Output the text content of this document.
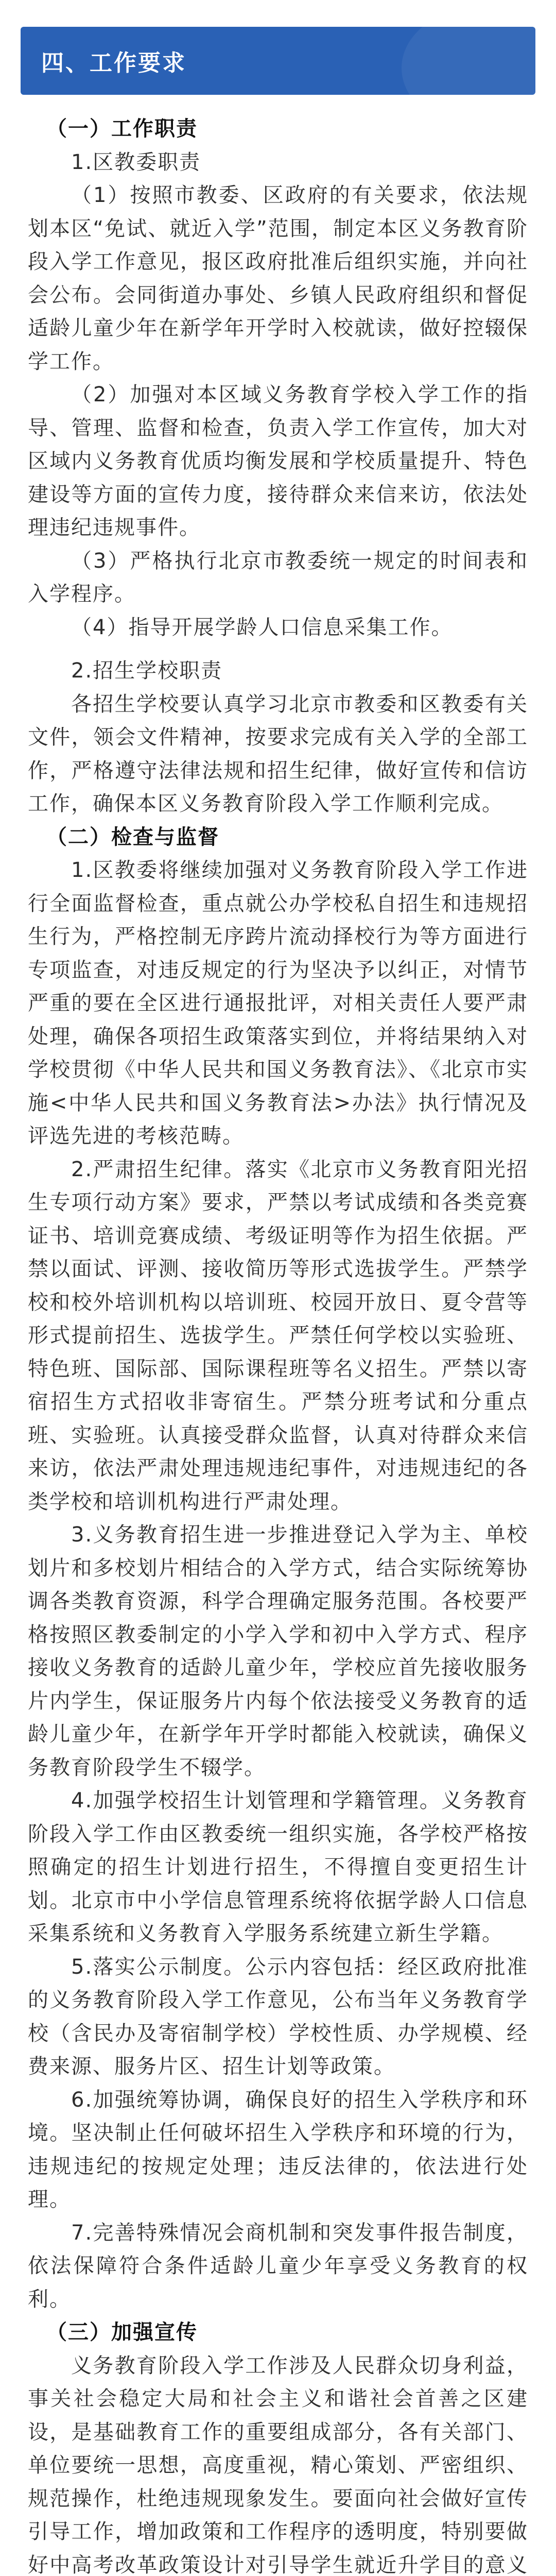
四、工作要求

（一）工作职责

1.区教委职责

（1）按照市教委、区政府的有关要求，依法规划本区“免试、就近入学”范围，制定本区义务教育阶段入学工作意见，报区政府批准后组织实施，并向社会公布。会同街道办事处、乡镇人民政府组织和督促适龄儿童少年在新学年开学时入校就读，做好控辍保学工作。

（2）加强对本区域义务教育学校入学工作的指导、管理、监督和检查，负责入学工作宣传，加大对区域内义务教育优质均衡发展和学校质量提升、特色建设等方面的宣传力度，接待群众来信来访，依法处理违纪违规事件。

（3）严格执行北京市教委统一规定的时间表和入学程序。

（4）指导开展学龄人口信息采集工作。

2.招生学校职责

各招生学校要认真学习北京市教委和区教委有关文件，领会文件精神，按要求完成有关入学的全部工作，严格遵守法律法规和招生纪律，做好宣传和信访工作，确保本区义务教育阶段入学工作顺利完成。

（二）检查与监督

1.区教委将继续加强对义务教育阶段入学工作进行全面监督检查，重点就公办学校私自招生和违规招生行为，严格控制无序跨片流动择校行为等方面进行专项监查，对违反规定的行为坚决予以纠正，对情节严重的要在全区进行通报批评，对相关责任人要严肃处理，确保各项招生政策落实到位，并将结果纳入对学校贯彻《中华人民共和国义务教育法》、《北京市实施<中华人民共和国义务教育法>办法》执行情况及评选先进的考核范畴。

2.严肃招生纪律。落实《北京市义务教育阳光招生专项行动方案》要求，严禁以考试成绩和各类竞赛证书、培训竞赛成绩、考级证明等作为招生依据。严禁以面试、评测、接收简历等形式选拔学生。严禁学校和校外培训机构以培训班、校园开放日、夏令营等形式提前招生、选拔学生。严禁任何学校以实验班、特色班、国际部、国际课程班等名义招生。严禁以寄宿招生方式招收非寄宿生。严禁分班考试和分重点班、实验班。认真接受群众监督，认真对待群众来信来访，依法严肃处理违规违纪事件，对违规违纪的各类学校和培训机构进行严肃处理。

3.义务教育招生进一步推进登记入学为主、单校划片和多校划片相结合的入学方式，结合实际统筹协调各类教育资源，科学合理确定服务范围。各校要严格按照区教委制定的小学入学和初中入学方式、程序接收义务教育的适龄儿童少年，学校应首先接收服务片内学生，保证服务片内每个依法接受义务教育的适龄儿童少年，在新学年开学时都能入校就读，确保义务教育阶段学生不辍学。

4.加强学校招生计划管理和学籍管理。义务教育阶段入学工作由区教委统一组织实施，各学校严格按照确定的招生计划进行招生，不得擅自变更招生计划。北京市中小学信息管理系统将依据学龄人口信息采集系统和义务教育入学服务系统建立新生学籍。

5.落实公示制度。公示内容包括：经区政府批准的义务教育阶段入学工作意见，公布当年义务教育学校（含民办及寄宿制学校）学校性质、办学规模、经费来源、服务片区、招生计划等政策。

6.加强统筹协调，确保良好的招生入学秩序和环境。坚决制止任何破坏招生入学秩序和环境的行为，违规违纪的按规定处理；违反法律的，依法进行处理。

7.完善特殊情况会商机制和突发事件报告制度，依法保障符合条件适龄儿童少年享受义务教育的权利。

（三）加强宣传

义务教育阶段入学工作涉及人民群众切身利益，事关社会稳定大局和社会主义和谐社会首善之区建设，是基础教育工作的重要组成部分，各有关部门、单位要统一思想，高度重视，精心策划、严密组织、规范操作，杜绝违规现象发生。要面向社会做好宣传引导工作，增加政策和工作程序的透明度，特别要做好中高考改革政策设计对引导学生就近升学目的意义
